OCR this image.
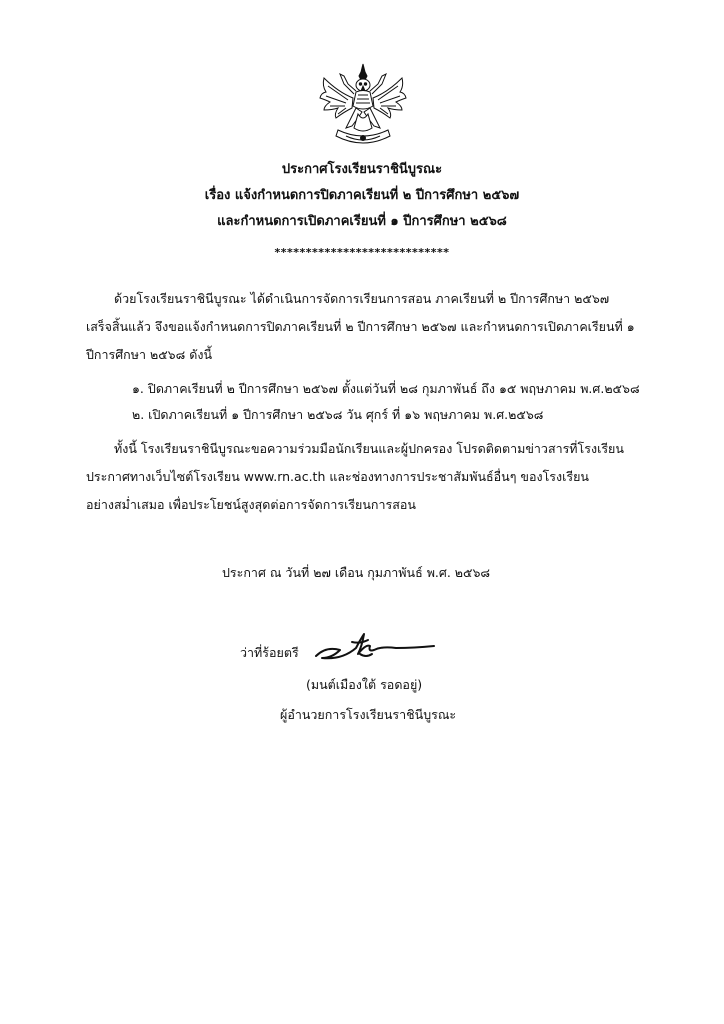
ประกาศโรงเรียนราชินีบูรณะ
เรื่อง แจ้งกำหนดการปิดภาคเรียนที่ ๒ ปีการศึกษา ๒๕๖๗
และกำหนดการเปิดภาคเรียนที่ ๑ ปีการศึกษา ๒๕๖๘
****************************
ด้วยโรงเรียนราชินีบูรณะ ได้ดำเนินการจัดการเรียนการสอน ภาคเรียนที่ ๒ ปีการศึกษา ๒๕๖๗
เสร็จสิ้นแล้ว จึงขอแจ้งกำหนดการปิดภาคเรียนที่ ๒ ปีการศึกษา ๒๕๖๗ และกำหนดการเปิดภาคเรียนที่ ๑
ปีการศึกษา ๒๕๖๘ ดังนี้
๑. ปิดภาคเรียนที่ ๒ ปีการศึกษา ๒๕๖๗ ตั้งแต่วันที่ ๒๘ กุมภาพันธ์ ถึง ๑๕ พฤษภาคม พ.ศ.๒๕๖๘
๒. เปิดภาคเรียนที่ ๑ ปีการศึกษา ๒๕๖๘ วัน ศุกร์ ที่ ๑๖ พฤษภาคม พ.ศ.๒๕๖๘
ทั้งนี้ โรงเรียนราชินีบูรณะขอความร่วมมือนักเรียนและผู้ปกครอง โปรดติดตามข่าวสารที่โรงเรียน
ประกาศทางเว็บไซต์โรงเรียน www.rn.ac.th และช่องทางการประชาสัมพันธ์อื่นๆ ของโรงเรียน
อย่างสม่ำเสมอ เพื่อประโยชน์สูงสุดต่อการจัดการเรียนการสอน
ประกาศ ณ วันที่ ๒๗ เดือน กุมภาพันธ์ พ.ศ. ๒๕๖๘
ว่าที่ร้อยตรี
(มนต์เมืองใต้ รอดอยู่)
ผู้อำนวยการโรงเรียนราชินีบูรณะ
